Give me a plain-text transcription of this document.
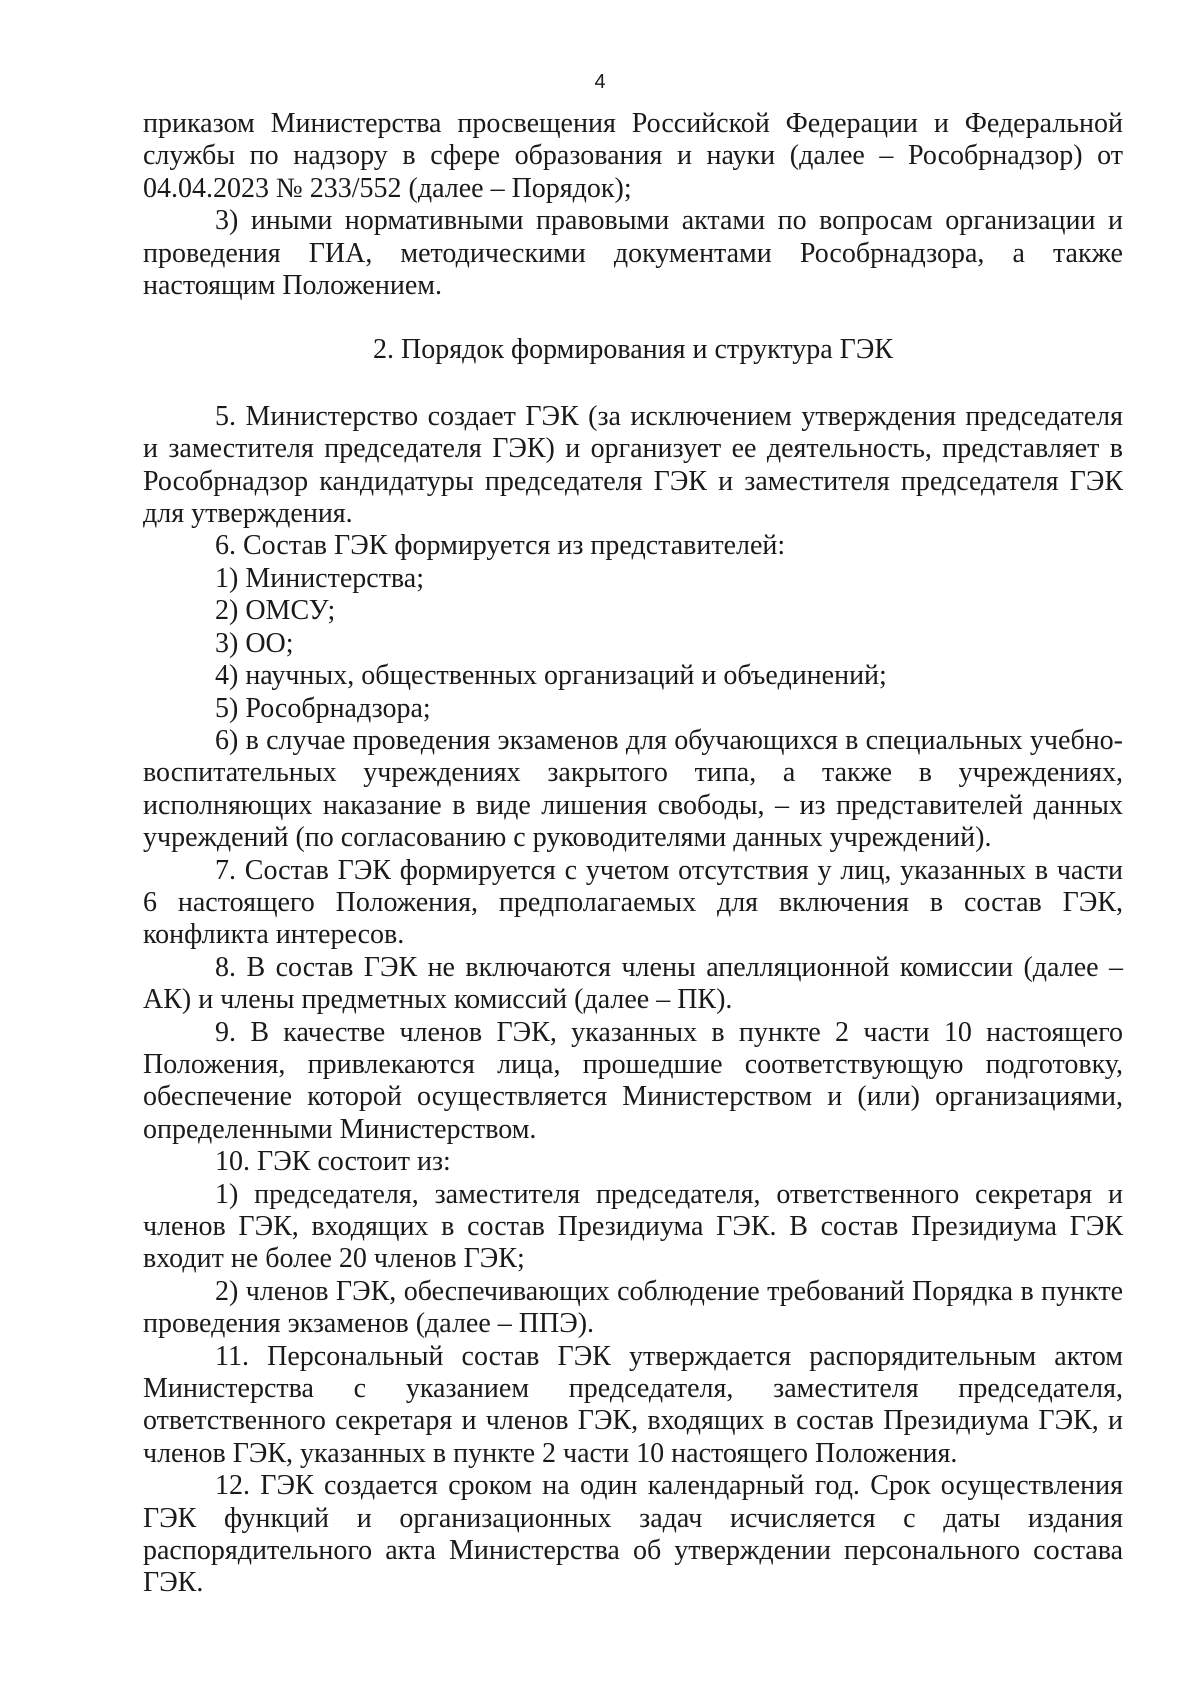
4

приказом Министерства просвещения Российской Федерации и Федеральной службы по надзору в сфере образования и науки (далее – Рособрнадзор) от 04.04.2023 № 233/552 (далее – Порядок);

3) иными нормативными правовыми актами по вопросам организации и проведения ГИА, методическими документами Рособрнадзора, а также настоящим Положением.

2. Порядок формирования и структура ГЭК

5. Министерство создает ГЭК (за исключением утверждения председателя и заместителя председателя ГЭК) и организует ее деятельность, представляет в Рособрнадзор кандидатуры председателя ГЭК и заместителя председателя ГЭК для утверждения.

6. Состав ГЭК формируется из представителей:

1) Министерства;

2) ОМСУ;

3) ОО;

4) научных, общественных организаций и объединений;

5) Рособрнадзора;

6) в случае проведения экзаменов для обучающихся в специальных учебно-воспитательных учреждениях закрытого типа, а также в учреждениях, исполняющих наказание в виде лишения свободы, – из представителей данных учреждений (по согласованию с руководителями данных учреждений).

7. Состав ГЭК формируется с учетом отсутствия у лиц, указанных в части 6 настоящего Положения, предполагаемых для включения в состав ГЭК, конфликта интересов.

8. В состав ГЭК не включаются члены апелляционной комиссии (далее – АК) и члены предметных комиссий (далее – ПК).

9. В качестве членов ГЭК, указанных в пункте 2 части 10 настоящего Положения, привлекаются лица, прошедшие соответствующую подготовку, обеспечение которой осуществляется Министерством и (или) организациями, определенными Министерством.

10. ГЭК состоит из:

1) председателя, заместителя председателя, ответственного секретаря и членов ГЭК, входящих в состав Президиума ГЭК. В состав Президиума ГЭК входит не более 20 членов ГЭК;

2) членов ГЭК, обеспечивающих соблюдение требований Порядка в пункте проведения экзаменов (далее – ППЭ).

11. Персональный состав ГЭК утверждается распорядительным актом Министерства с указанием председателя, заместителя председателя, ответственного секретаря и членов ГЭК, входящих в состав Президиума ГЭК, и членов ГЭК, указанных в пункте 2 части 10 настоящего Положения.

12. ГЭК создается сроком на один календарный год. Срок осуществления ГЭК функций и организационных задач исчисляется с даты издания распорядительного акта Министерства об утверждении персонального состава ГЭК.
